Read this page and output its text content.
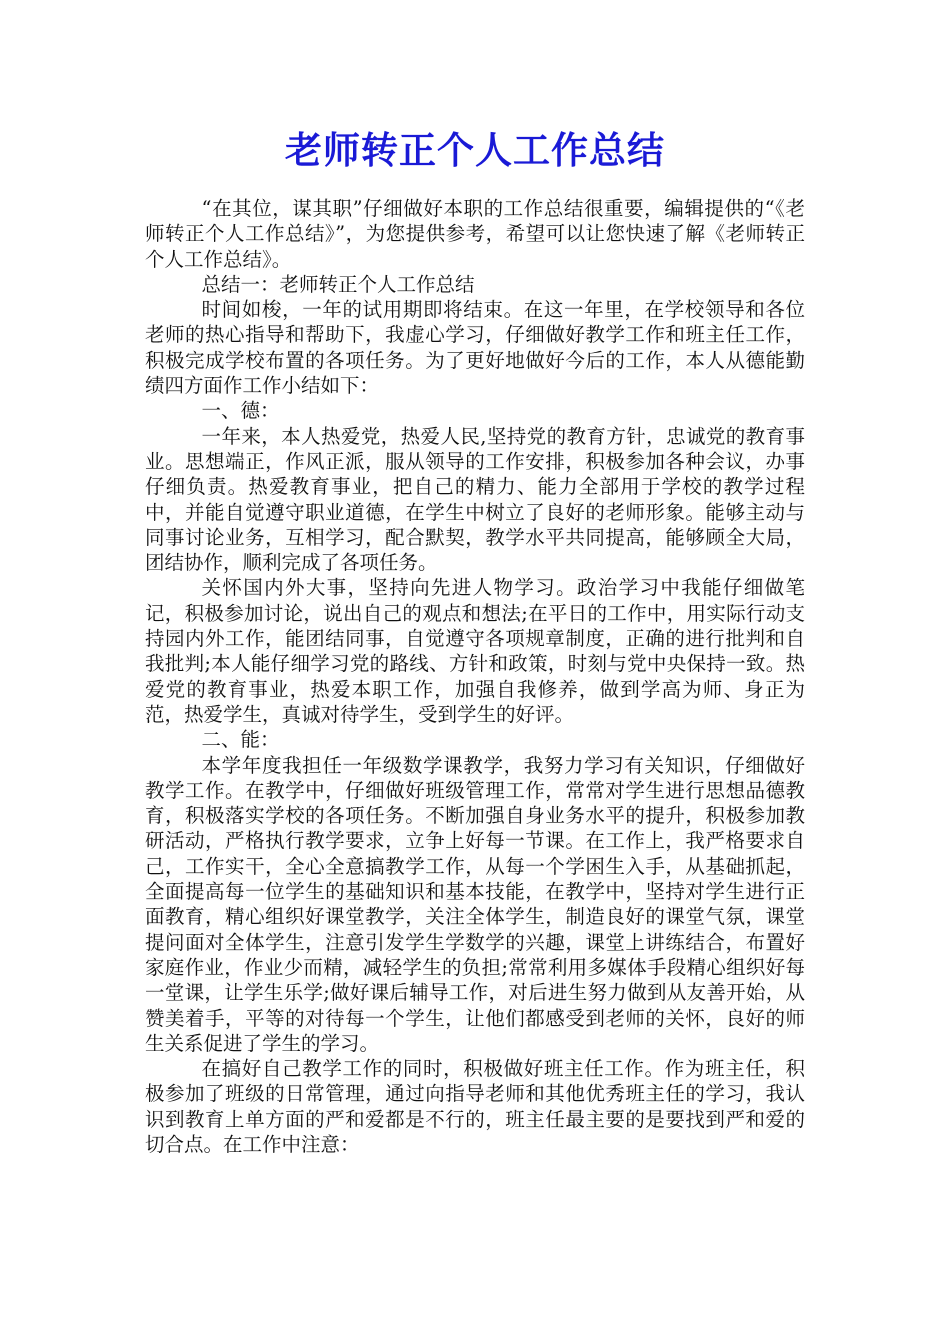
老师转正个人工作总结

“在其位，谋其职”仔细做好本职的工作总结很重要，编辑提供的“《老师转正个人工作总结》”，为您提供参考，希望可以让您快速了解《老师转正个人工作总结》。

总结一：老师转正个人工作总结

时间如梭，一年的试用期即将结束。在这一年里，在学校领导和各位老师的热心指导和帮助下，我虚心学习，仔细做好教学工作和班主任工作，积极完成学校布置的各项任务。为了更好地做好今后的工作，本人从德能勤绩四方面作工作小结如下：

一、德：

一年来，本人热爱党，热爱人民,坚持党的教育方针，忠诚党的教育事业。思想端正，作风正派，服从领导的工作安排，积极参加各种会议，办事仔细负责。热爱教育事业，把自己的精力、能力全部用于学校的教学过程中，并能自觉遵守职业道德，在学生中树立了良好的老师形象。能够主动与同事讨论业务，互相学习，配合默契，教学水平共同提高，能够顾全大局，团结协作，顺利完成了各项任务。

关怀国内外大事，坚持向先进人物学习。政治学习中我能仔细做笔记，积极参加讨论，说出自己的观点和想法;在平日的工作中，用实际行动支持园内外工作，能团结同事，自觉遵守各项规章制度，正确的进行批判和自我批判;本人能仔细学习党的路线、方针和政策，时刻与党中央保持一致。热爱党的教育事业，热爱本职工作，加强自我修养，做到学高为师、身正为范，热爱学生，真诚对待学生，受到学生的好评。

二、能：

本学年度我担任一年级数学课教学，我努力学习有关知识，仔细做好教学工作。在教学中，仔细做好班级管理工作，常常对学生进行思想品德教育，积极落实学校的各项任务。不断加强自身业务水平的提升，积极参加教研活动，严格执行教学要求，立争上好每一节课。在工作上，我严格要求自己，工作实干，全心全意搞教学工作，从每一个学困生入手，从基础抓起，全面提高每一位学生的基础知识和基本技能，在教学中，坚持对学生进行正面教育，精心组织好课堂教学，关注全体学生，制造良好的课堂气氛，课堂提问面对全体学生，注意引发学生学数学的兴趣，课堂上讲练结合，布置好家庭作业，作业少而精，减轻学生的负担;常常利用多媒体手段精心组织好每一堂课，让学生乐学;做好课后辅导工作，对后进生努力做到从友善开始，从赞美着手，平等的对待每一个学生，让他们都感受到老师的关怀，良好的师生关系促进了学生的学习。

在搞好自己教学工作的同时，积极做好班主任工作。作为班主任，积极参加了班级的日常管理，通过向指导老师和其他优秀班主任的学习，我认识到教育上单方面的严和爱都是不行的，班主任最主要的是要找到严和爱的切合点。在工作中注意：
